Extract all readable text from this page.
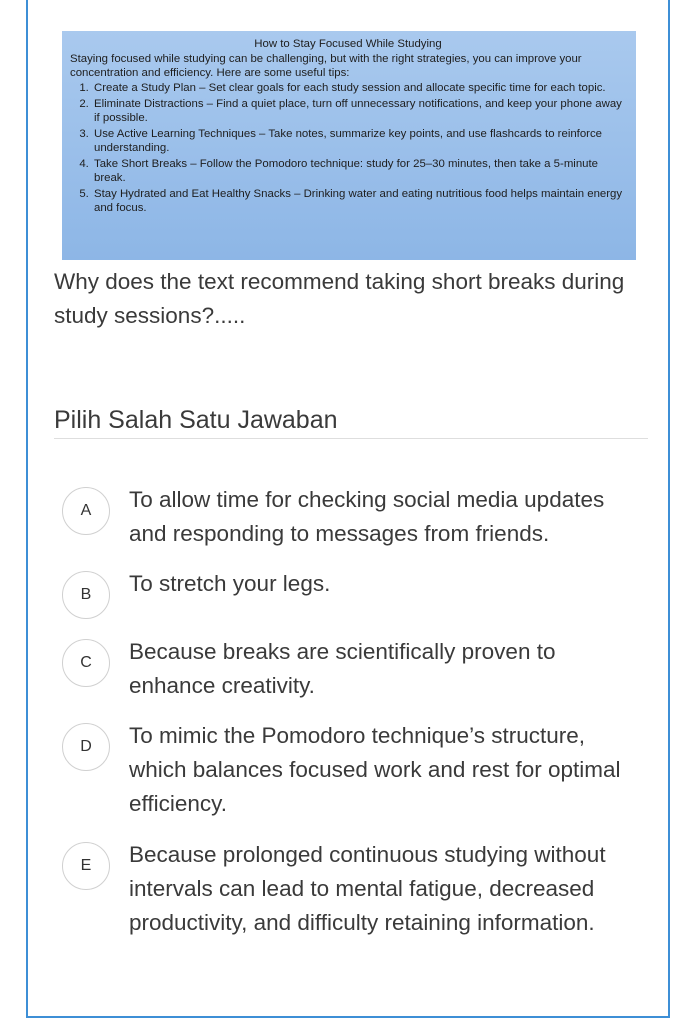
How to Stay Focused While Studying
Staying focused while studying can be challenging, but with the right strategies, you can improve your concentration and efficiency. Here are some useful tips:
1. Create a Study Plan – Set clear goals for each study session and allocate specific time for each topic.
2. Eliminate Distractions – Find a quiet place, turn off unnecessary notifications, and keep your phone away if possible.
3. Use Active Learning Techniques – Take notes, summarize key points, and use flashcards to reinforce understanding.
4. Take Short Breaks – Follow the Pomodoro technique: study for 25–30 minutes, then take a 5-minute break.
5. Stay Hydrated and Eat Healthy Snacks – Drinking water and eating nutritious food helps maintain energy and focus.
Why does the text recommend taking short breaks during study sessions?.....
Pilih Salah Satu Jawaban
A	To allow time for checking social media updates and responding to messages from friends.
B	To stretch your legs.
C	Because breaks are scientifically proven to enhance creativity.
D	To mimic the Pomodoro technique’s structure, which balances focused work and rest for optimal efficiency.
E	Because prolonged continuous studying without intervals can lead to mental fatigue, decreased productivity, and difficulty retaining information.
